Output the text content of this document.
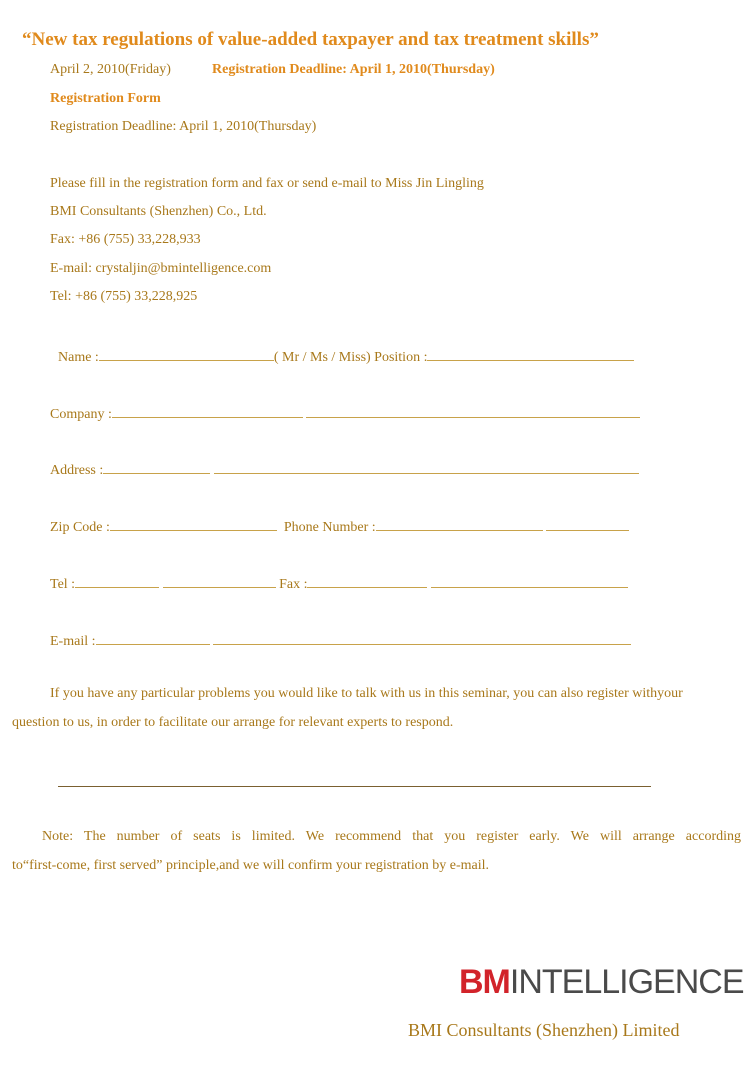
“New tax regulations of value-added taxpayer and tax treatment skills”
April 2, 2010(Friday)	Registration Deadline: April 1, 2010(Thursday)
Registration Form
Registration Deadline: April 1, 2010(Thursday)
Please fill in the registration form and fax or send e-mail to Miss Jin Lingling
BMI Consultants (Shenzhen) Co., Ltd.
Fax: +86 (755) 33,228,933
E-mail: crystaljin@bmintelligence.com
Tel: +86 (755) 33,228,925
Name :	( Mr / Ms / Miss) Position :
Company :
Address :
Zip Code :	Phone Number :
Tel :	Fax :
E-mail :
If you have any particular problems you would like to talk with us in this seminar, you can also register withyour
question to us, in order to facilitate our arrange for relevant experts to respond.
Note: The number of seats is limited. We recommend that you register early. We will arrange according
to“first-come, first served” principle,and we will confirm your registration by e-mail.
BMINTELLIGENCE
BMI Consultants (Shenzhen) Limited
